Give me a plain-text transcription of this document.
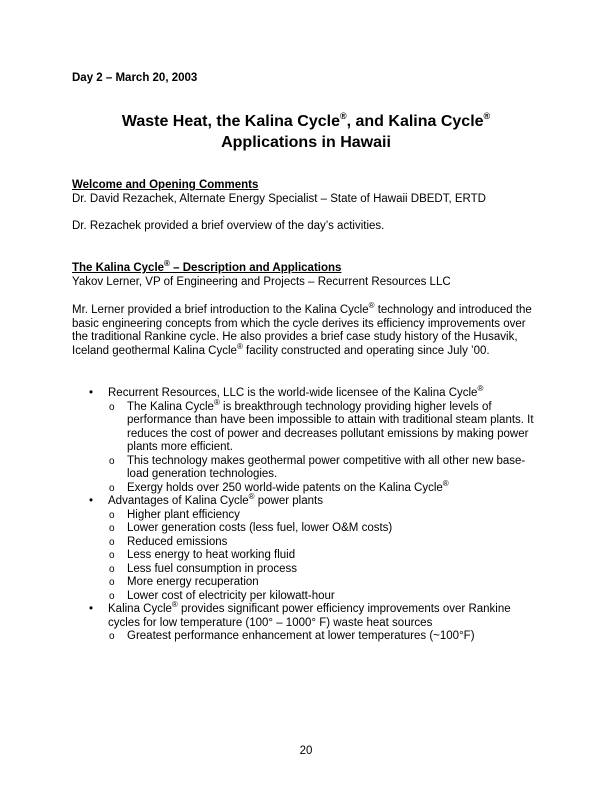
Day 2 – March 20, 2003
Waste Heat, the Kalina Cycle®, and Kalina Cycle®
Applications in Hawaii
Welcome and Opening Comments
Dr. David Rezachek, Alternate Energy Specialist – State of Hawaii DBEDT, ERTD
Dr. Rezachek provided a brief overview of the day’s activities.
The Kalina Cycle® – Description and Applications
Yakov Lerner, VP of Engineering and Projects – Recurrent Resources LLC
Mr. Lerner provided a brief introduction to the Kalina Cycle® technology and introduced the basic engineering concepts from which the cycle derives its efficiency improvements over the traditional Rankine cycle. He also provides a brief case study history of the Husavik, Iceland geothermal Kalina Cycle® facility constructed and operating since July ’00.
• Recurrent Resources, LLC is the world-wide licensee of the Kalina Cycle®
o The Kalina Cycle® is breakthrough technology providing higher levels of performance than have been impossible to attain with traditional steam plants. It reduces the cost of power and decreases pollutant emissions by making power plants more efficient.
o This technology makes geothermal power competitive with all other new base-load generation technologies.
o Exergy holds over 250 world-wide patents on the Kalina Cycle®
• Advantages of Kalina Cycle® power plants
o Higher plant efficiency
o Lower generation costs (less fuel, lower O&M costs)
o Reduced emissions
o Less energy to heat working fluid
o Less fuel consumption in process
o More energy recuperation
o Lower cost of electricity per kilowatt-hour
• Kalina Cycle® provides significant power efficiency improvements over Rankine cycles for low temperature (100° – 1000° F) waste heat sources
o Greatest performance enhancement at lower temperatures (~100°F)
20
